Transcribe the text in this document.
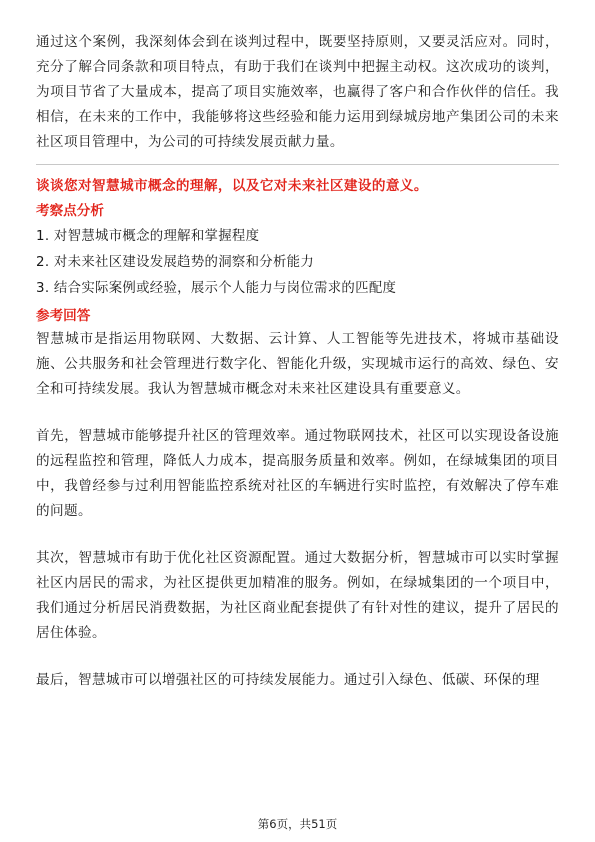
通过这个案例，我深刻体会到在谈判过程中，既要坚持原则，又要灵活应对。同时，充分了解合同条款和项目特点，有助于我们在谈判中把握主动权。这次成功的谈判，为项目节省了大量成本，提高了项目实施效率，也赢得了客户和合作伙伴的信任。我相信，在未来的工作中，我能够将这些经验和能力运用到绿城房地产集团公司的未来社区项目管理中，为公司的可持续发展贡献力量。

谈谈您对智慧城市概念的理解，以及它对未来社区建设的意义。

考察点分析

1. 对智慧城市概念的理解和掌握程度
2. 对未来社区建设发展趋势的洞察和分析能力
3. 结合实际案例或经验，展示个人能力与岗位需求的匹配度

参考回答

智慧城市是指运用物联网、大数据、云计算、人工智能等先进技术，将城市基础设施、公共服务和社会管理进行数字化、智能化升级，实现城市运行的高效、绿色、安全和可持续发展。我认为智慧城市概念对未来社区建设具有重要意义。

首先，智慧城市能够提升社区的管理效率。通过物联网技术，社区可以实现设备设施的远程监控和管理，降低人力成本，提高服务质量和效率。例如，在绿城集团的项目中，我曾经参与过利用智能监控系统对社区的车辆进行实时监控，有效解决了停车难的问题。

其次，智慧城市有助于优化社区资源配置。通过大数据分析，智慧城市可以实时掌握社区内居民的需求，为社区提供更加精准的服务。例如，在绿城集团的一个项目中，我们通过分析居民消费数据，为社区商业配套提供了有针对性的建议，提升了居民的居住体验。

最后，智慧城市可以增强社区的可持续发展能力。通过引入绿色、低碳、环保的理

第6页，共51页
